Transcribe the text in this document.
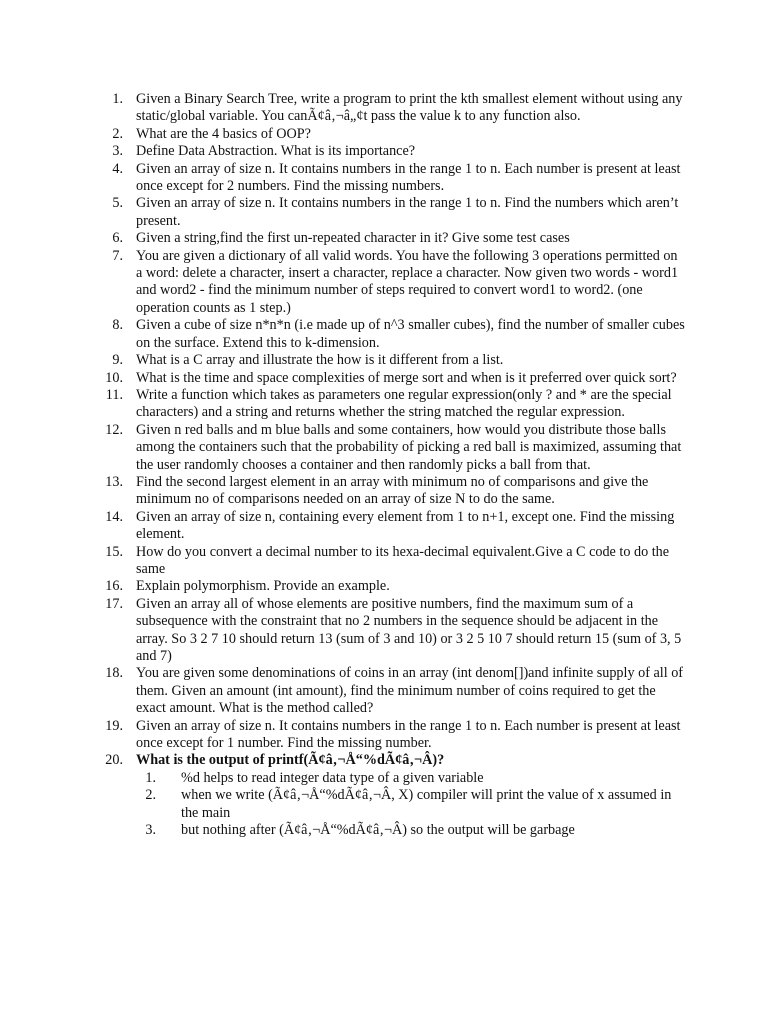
1. Given a Binary Search Tree, write a program to print the kth smallest element without using any static/global variable. You canÃ¢â‚¬â„¢t pass the value k to any function also.
2. What are the 4 basics of OOP?
3. Define Data Abstraction. What is its importance?
4. Given an array of size n. It contains numbers in the range 1 to n. Each number is present at least once except for 2 numbers. Find the missing numbers.
5. Given an array of size n. It contains numbers in the range 1 to n. Find the numbers which aren’t present.
6. Given a string,find the first un-repeated character in it? Give some test cases
7. You are given a dictionary of all valid words. You have the following 3 operations permitted on a word: delete a character, insert a character, replace a character. Now given two words - word1 and word2 - find the minimum number of steps required to convert word1 to word2. (one operation counts as 1 step.)
8. Given a cube of size n*n*n (i.e made up of n^3 smaller cubes), find the number of smaller cubes on the surface. Extend this to k-dimension.
9. What is a C array and illustrate the how is it different from a list.
10. What is the time and space complexities of merge sort and when is it preferred over quick sort?
11. Write a function which takes as parameters one regular expression(only ? and * are the special characters) and a string and returns whether the string matched the regular expression.
12. Given n red balls and m blue balls and some containers, how would you distribute those balls among the containers such that the probability of picking a red ball is maximized, assuming that the user randomly chooses a container and then randomly picks a ball from that.
13. Find the second largest element in an array with minimum no of comparisons and give the minimum no of comparisons needed on an array of size N to do the same.
14. Given an array of size n, containing every element from 1 to n+1, except one. Find the missing element.
15. How do you convert a decimal number to its hexa-decimal equivalent.Give a C code to do the same
16. Explain polymorphism. Provide an example.
17. Given an array all of whose elements are positive numbers, find the maximum sum of a subsequence with the constraint that no 2 numbers in the sequence should be adjacent in the array. So 3 2 7 10 should return 13 (sum of 3 and 10) or 3 2 5 10 7 should return 15 (sum of 3, 5 and 7)
18. You are given some denominations of coins in an array (int denom[])and infinite supply of all of them. Given an amount (int amount), find the minimum number of coins required to get the exact amount. What is the method called?
19. Given an array of size n. It contains numbers in the range 1 to n. Each number is present at least once except for 1 number. Find the missing number.
20. What is the output of printf(Ã¢â‚¬Å“%dÃ¢â‚¬Â)?
1. %d helps to read integer data type of a given variable
2. when we write (Ã¢â‚¬Å“%dÃ¢â‚¬Â, X) compiler will print the value of x assumed in the main
3. but nothing after (Ã¢â‚¬Å“%dÃ¢â‚¬Â) so the output will be garbage
